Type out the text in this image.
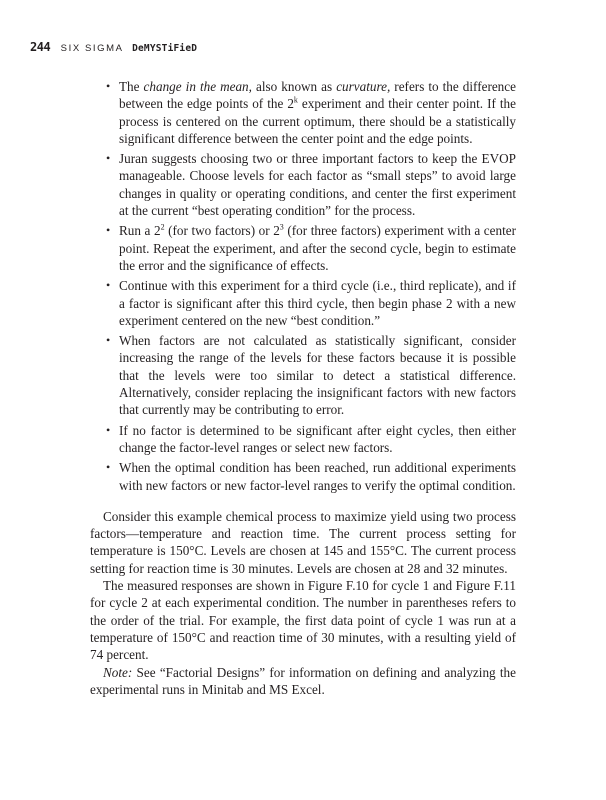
244 SIX SIGMA DeMYSTiFieD
• The change in the mean, also known as curvature, refers to the difference between the edge points of the 2$^k$ experiment and their center point. If the process is centered on the current optimum, there should be a statistically significant difference between the center point and the edge points.
• Juran suggests choosing two or three important factors to keep the EVOP manageable. Choose levels for each factor as “small steps” to avoid large changes in quality or operating conditions, and center the first experiment at the current “best operating condition” for the process.
• Run a $2^2$ (for two factors) or $2^3$ (for three factors) experiment with a center point. Repeat the experiment, and after the second cycle, begin to estimate the error and the significance of effects.
• Continue with this experiment for a third cycle (i.e., third replicate), and if a factor is significant after this third cycle, then begin phase 2 with a new experiment centered on the new “best condition.”
• When factors are not calculated as statistically significant, consider increasing the range of the levels for these factors because it is possible that the levels were too similar to detect a statistical difference. Alternatively, consider replacing the insignificant factors with new factors that currently may be contributing to error.
• If no factor is determined to be significant after eight cycles, then either change the factor-level ranges or select new factors.
• When the optimal condition has been reached, run additional experiments with new factors or new factor-level ranges to verify the optimal condition.

Consider this example chemical process to maximize yield using two process factors—temperature and reaction time. The current process setting for temperature is 150°C. Levels are chosen at 145 and 155°C. The current process setting for reaction time is 30 minutes. Levels are chosen at 28 and 32 minutes.

The measured responses are shown in Figure F.10 for cycle 1 and Figure F.11 for cycle 2 at each experimental condition. The number in parentheses refers to the order of the trial. For example, the first data point of cycle 1 was run at a temperature of 150°C and reaction time of 30 minutes, with a resulting yield of 74 percent.

Note: See “Factorial Designs” for information on defining and analyzing the experimental runs in Minitab and MS Excel.
